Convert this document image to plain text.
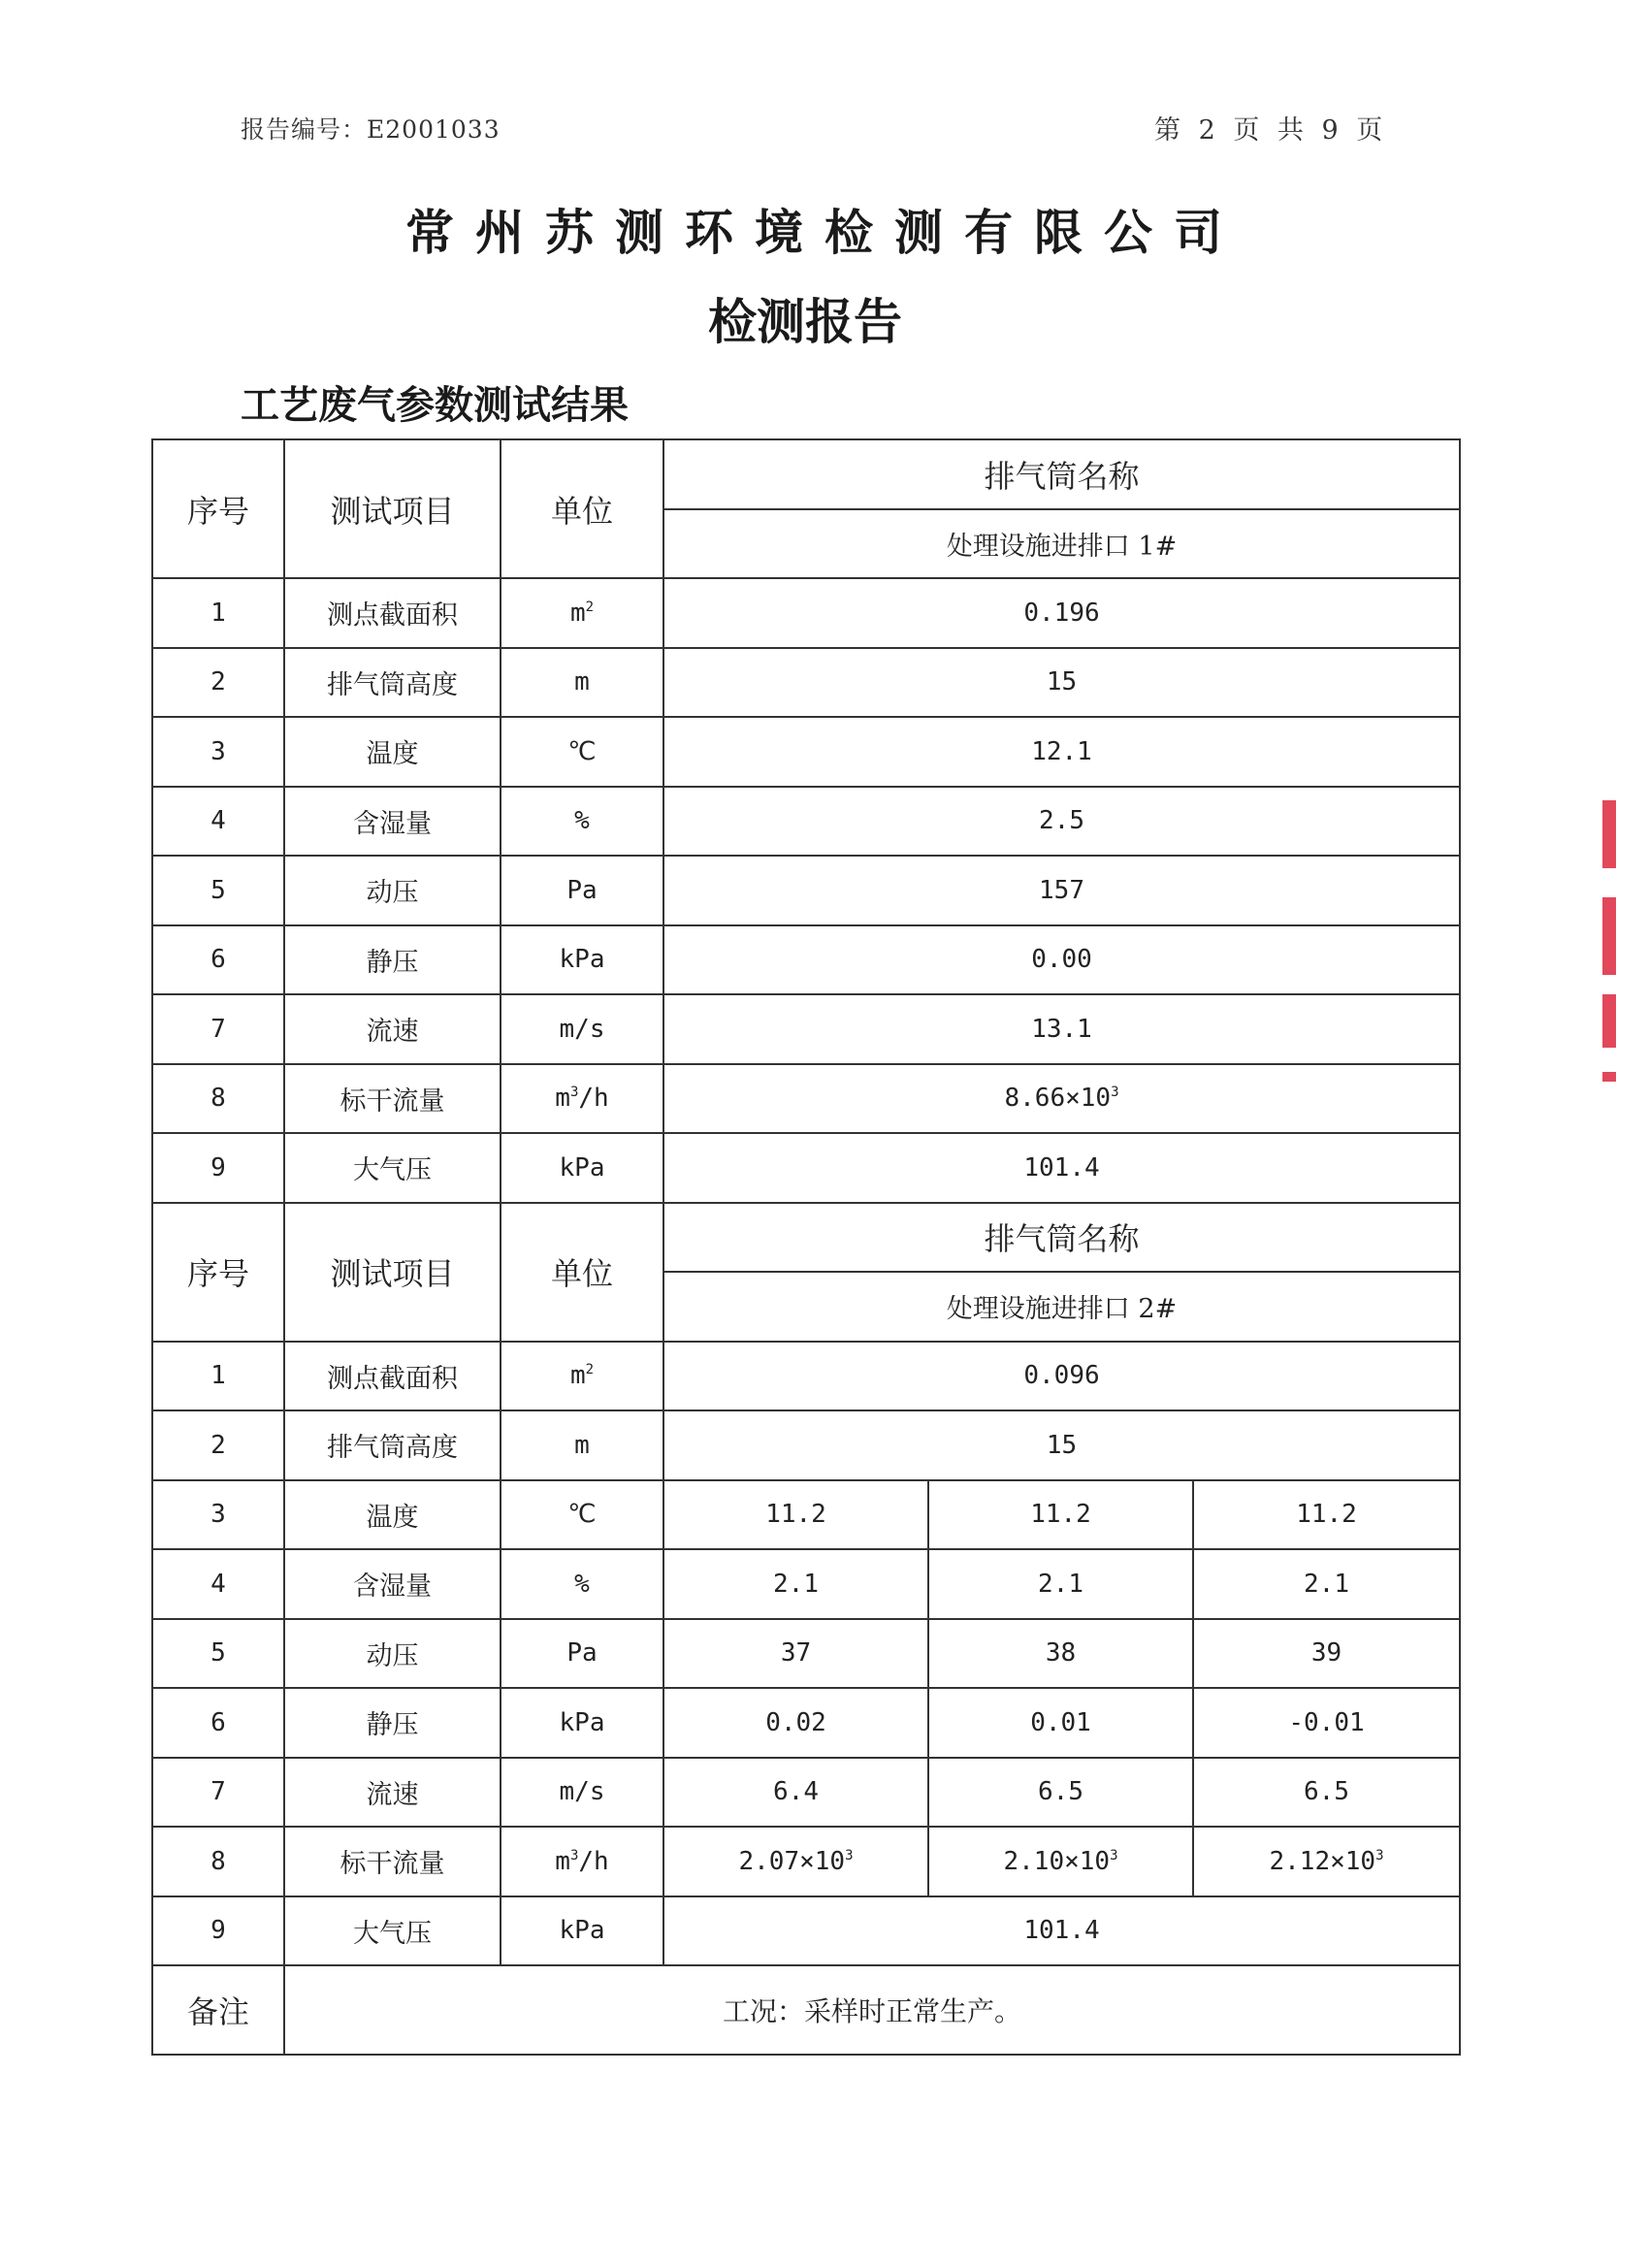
报告编号：E2001033	第 2 页 共 9 页
常州苏测环境检测有限公司
检测报告
工艺废气参数测试结果
序号	测试项目	单位	排气筒名称		
			处理设施进排口 1#		
1	测点截面积	$m^2$	0.196		
2	排气筒高度	m	15		
3	温度	℃	12.1		
4	含湿量	%	2.5		
5	动压	Pa	157		
6	静压	kPa	0.00		
7	流速	m/s	13.1		
8	标干流量	$m^3/h$	$8.66\times 10^3$
9	大气压	kPa	101.4		
序号	测试项目	单位	排气筒名称		
			处理设施进排口 2#		
1	测点截面积	$m^2$	0.096		
2	排气筒高度	m	15		
3	温度	℃	11.2	11.2	11.2
4	含湿量	%	2.1	2.1	2.1
5	动压	Pa	37	38	39
6	静压	kPa	0.02	0.01	-0.01
7	流速	m/s	6.4	6.5	6.5
8	标干流量	$m^3/h$	$2.07\times 10^3$	$2.10\times 10^3$	$2.12\times 10^3$
9	大气压	kPa	101.4		
备注	工况：采样时正常生产。				
